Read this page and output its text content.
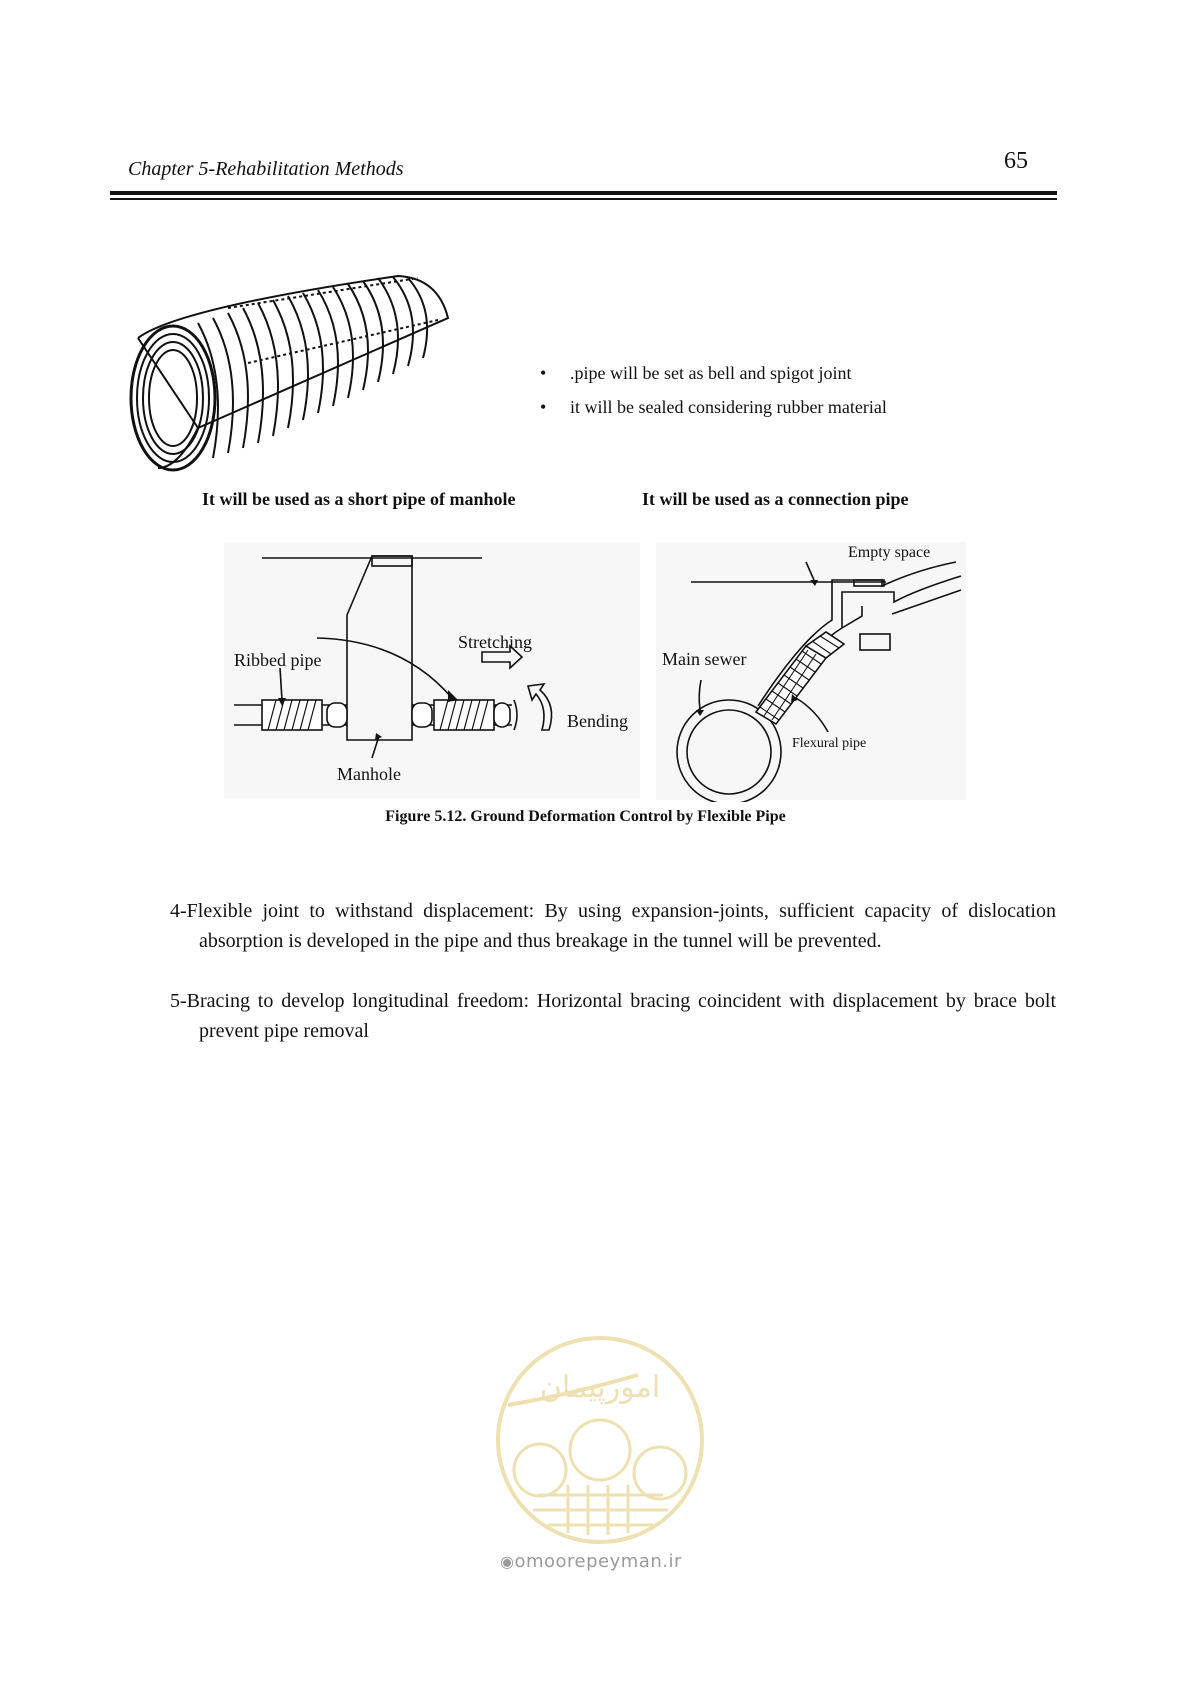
Chapter 5-Rehabilitation Methods	65
• .pipe will be set as bell and spigot joint
• it will be sealed considering rubber material
It will be used as a short pipe of manhole	It will be used as a connection pipe
Ribbed pipe
Stretching
Bending
Manhole
Empty space
Main sewer
Flexural pipe
Figure 5.12. Ground Deformation Control by Flexible Pipe
4-Flexible joint to withstand displacement: By using expansion-joints, sufficient capacity of dislocation absorption is developed in the pipe and thus breakage in the tunnel will be prevented.
5-Bracing to develop longitudinal freedom: Horizontal bracing coincident with displacement by brace bolt prevent pipe removal
امورپیمان
◉omoorepeyman.ir
